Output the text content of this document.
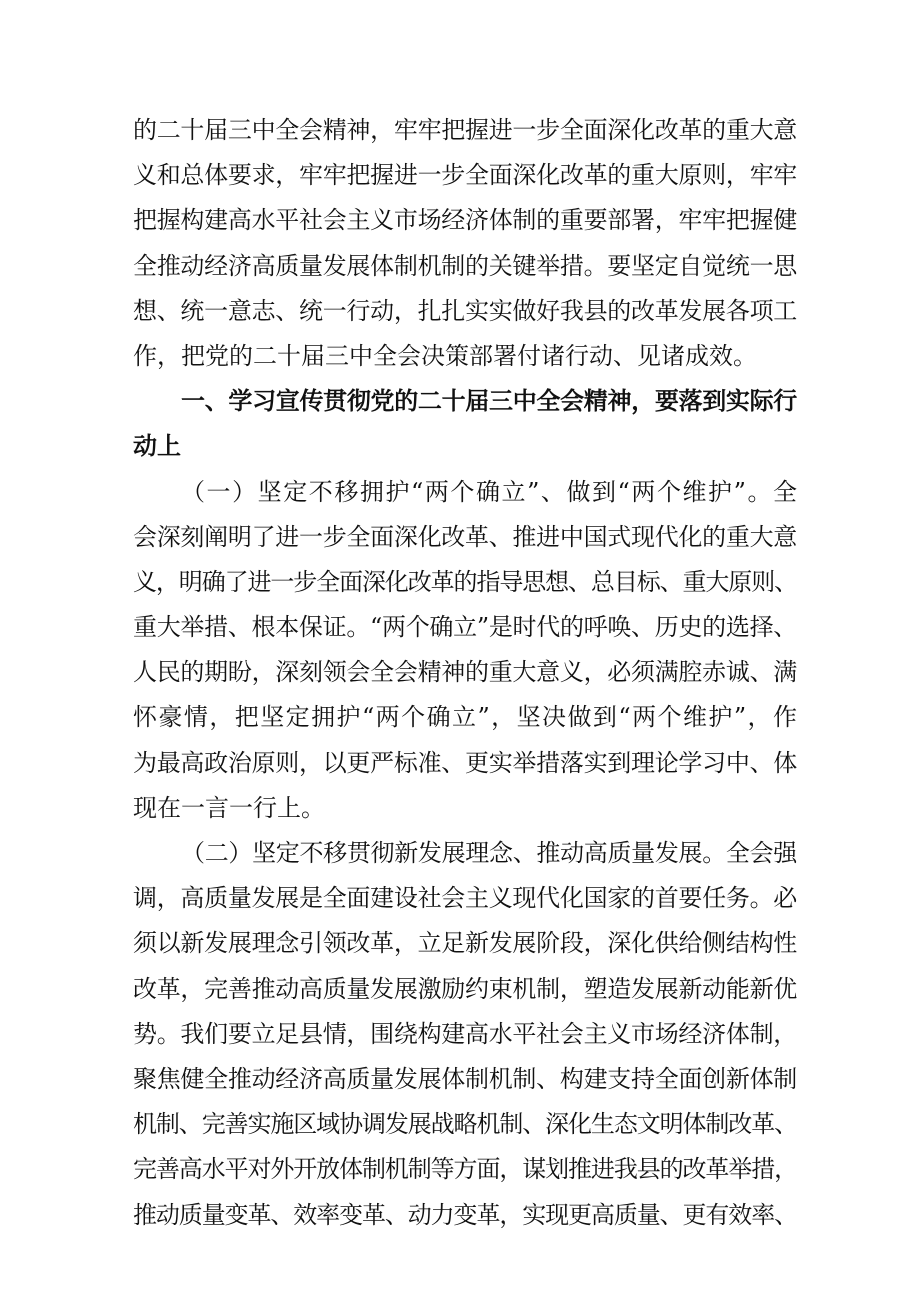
的二十届三中全会精神，牢牢把握进一步全面深化改革的重大意
义和总体要求，牢牢把握进一步全面深化改革的重大原则，牢牢
把握构建高水平社会主义市场经济体制的重要部署，牢牢把握健
全推动经济高质量发展体制机制的关键举措。要坚定自觉统一思
想、统一意志、统一行动，扎扎实实做好我县的改革发展各项工
作，把党的二十届三中全会决策部署付诸行动、见诸成效。
一、学习宣传贯彻党的二十届三中全会精神，要落到实际行
动上
（一）坚定不移拥护“两个确立”、做到“两个维护”。全
会深刻阐明了进一步全面深化改革、推进中国式现代化的重大意
义，明确了进一步全面深化改革的指导思想、总目标、重大原则、
重大举措、根本保证。“两个确立”是时代的呼唤、历史的选择、
人民的期盼，深刻领会全会精神的重大意义，必须满腔赤诚、满
怀豪情，把坚定拥护“两个确立”，坚决做到“两个维护”，作
为最高政治原则，以更严标准、更实举措落实到理论学习中、体
现在一言一行上。
（二）坚定不移贯彻新发展理念、推动高质量发展。全会强
调，高质量发展是全面建设社会主义现代化国家的首要任务。必
须以新发展理念引领改革，立足新发展阶段，深化供给侧结构性
改革，完善推动高质量发展激励约束机制，塑造发展新动能新优
势。我们要立足县情，围绕构建高水平社会主义市场经济体制，
聚焦健全推动经济高质量发展体制机制、构建支持全面创新体制
机制、完善实施区域协调发展战略机制、深化生态文明体制改革、
完善高水平对外开放体制机制等方面，谋划推进我县的改革举措，
推动质量变革、效率变革、动力变革，实现更高质量、更有效率、
